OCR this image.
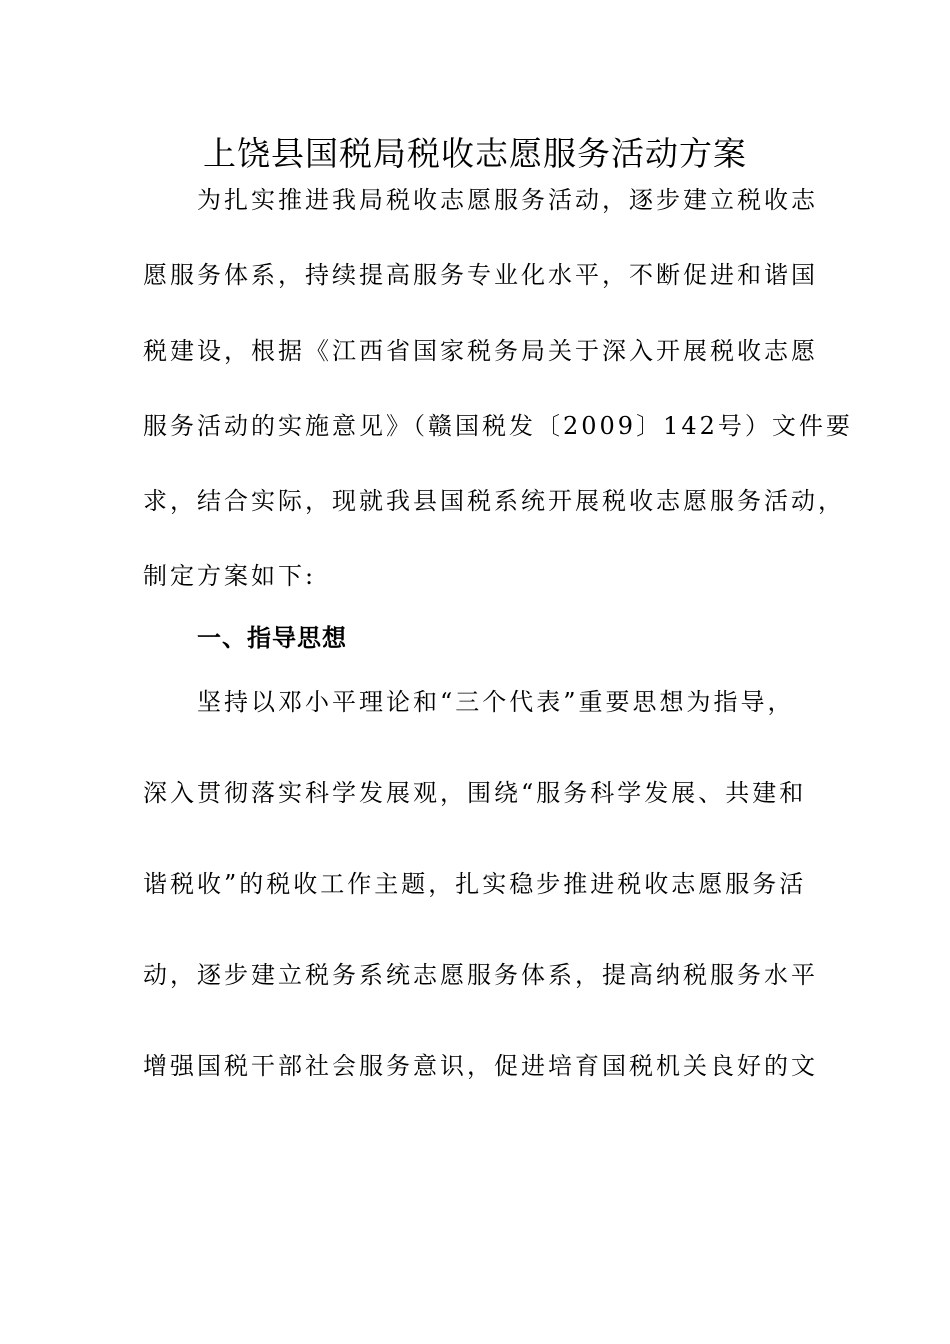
上饶县国税局税收志愿服务活动方案

为扎实推进我局税收志愿服务活动，逐步建立税收志

愿服务体系，持续提高服务专业化水平，不断促进和谐国

税建设，根据《江西省国家税务局关于深入开展税收志愿

服务活动的实施意见》（赣国税发〔2009〕142号）文件要

求，结合实际，现就我县国税系统开展税收志愿服务活动，

制定方案如下:

一、指导思想

坚持以邓小平理论和“三个代表”重要思想为指导，

深入贯彻落实科学发展观，围绕“服务科学发展、共建和

谐税收”的税收工作主题，扎实稳步推进税收志愿服务活

动，逐步建立税务系统志愿服务体系，提高纳税服务水平

增强国税干部社会服务意识，促进培育国税机关良好的文
